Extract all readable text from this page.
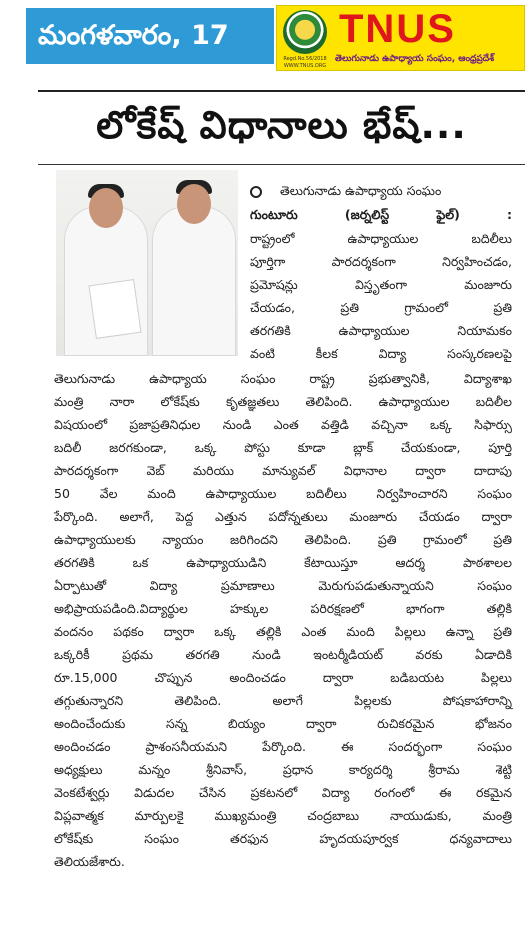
మంగళవారం, 17
Regd.No.56/2018
WWW.TNUS.ORG
TNUS
తెలుగునాడు ఉపాధ్యాయ సంఘం, ఆంధ్రప్రదేశ్
లోకేష్ విధానాలు భేష్...
తెలుగునాడు ఉపాధ్యాయ సంఘం
గుంటూరు (జర్నలిస్ట్ ఫైల్) :
రాష్ట్రంలో ఉపాధ్యాయుల బదిలీలు
పూర్తిగా పారదర్శకంగా నిర్వహించడం,
ప్రమోషన్లు విస్తృతంగా మంజూరు
చేయడం, ప్రతి గ్రామంలో ప్రతి
తరగతికి ఉపాధ్యాయుల నియామకం
వంటి కీలక విద్యా సంస్కరణలపై
తెలుగునాడు ఉపాధ్యాయ సంఘం రాష్ట్ర ప్రభుత్వానికి, విద్యాశాఖ
మంత్రి నారా లోకేష్‌కు కృతజ్ఞతలు తెలిపింది. ఉపాధ్యాయుల బదిలీల
విషయంలో ప్రజాప్రతినిధుల నుండి ఎంత వత్తిడి వచ్చినా ఒక్క సిఫార్సు
బదిలీ జరగకుండా, ఒక్క పోస్టు కూడా బ్లాక్ చేయకుండా, పూర్తి
పారదర్శకంగా వెబ్ మరియు మాన్యువల్ విధానాల ద్వారా దాదాపు
50 వేల మంది ఉపాధ్యాయుల బదిలీలు నిర్వహించారని సంఘం
పేర్కొంది. అలాగే, పెద్ద ఎత్తున పదోన్నతులు మంజూరు చేయడం ద్వారా
ఉపాధ్యాయులకు న్యాయం జరిగిందని తెలిపింది. ప్రతి గ్రామంలో ప్రతి
తరగతికి ఒక ఉపాధ్యాయుడిని కేటాయిస్తూ ఆదర్శ పాఠశాలల
ఏర్పాటుతో విద్యా ప్రమాణాలు మెరుగుపడుతున్నాయని సంఘం
అభిప్రాయపడింది.విద్యార్థుల హక్కుల పరిరక్షణలో భాగంగా తల్లికి
వందనం పథకం ద్వారా ఒక్క తల్లికి ఎంత మంది పిల్లలు ఉన్నా ప్రతి
ఒక్కరికీ ప్రథమ తరగతి నుండి ఇంటర్మీడియట్ వరకు ఏడాదికి
రూ.15,000 చొప్పున అందించడం ద్వారా బడిబయట పిల్లలు
తగ్గుతున్నారని తెలిపింది. అలాగే పిల్లలకు పోషకాహారాన్ని
అందించేందుకు సన్న బియ్యం ద్వారా రుచికరమైన భోజనం
అందించడం ప్రాశంసనీయమని పేర్కొంది. ఈ సందర్భంగా సంఘం
అధ్యక్షులు మన్నం శ్రీనివాస్, ప్రధాన కార్యదర్శి శ్రీరామ శెట్టి
వెంకటేశ్వర్లు విడుదల చేసిన ప్రకటనలో విద్యా రంగంలో ఈ రకమైన
విప్లవాత్మక మార్పులకై ముఖ్యమంత్రి చంద్రబాబు నాయుడుకు, మంత్రి
లోకేష్‌కు సంఘం తరఫున హృదయపూర్వక ధన్యవాదాలు
తెలియజేశారు.
